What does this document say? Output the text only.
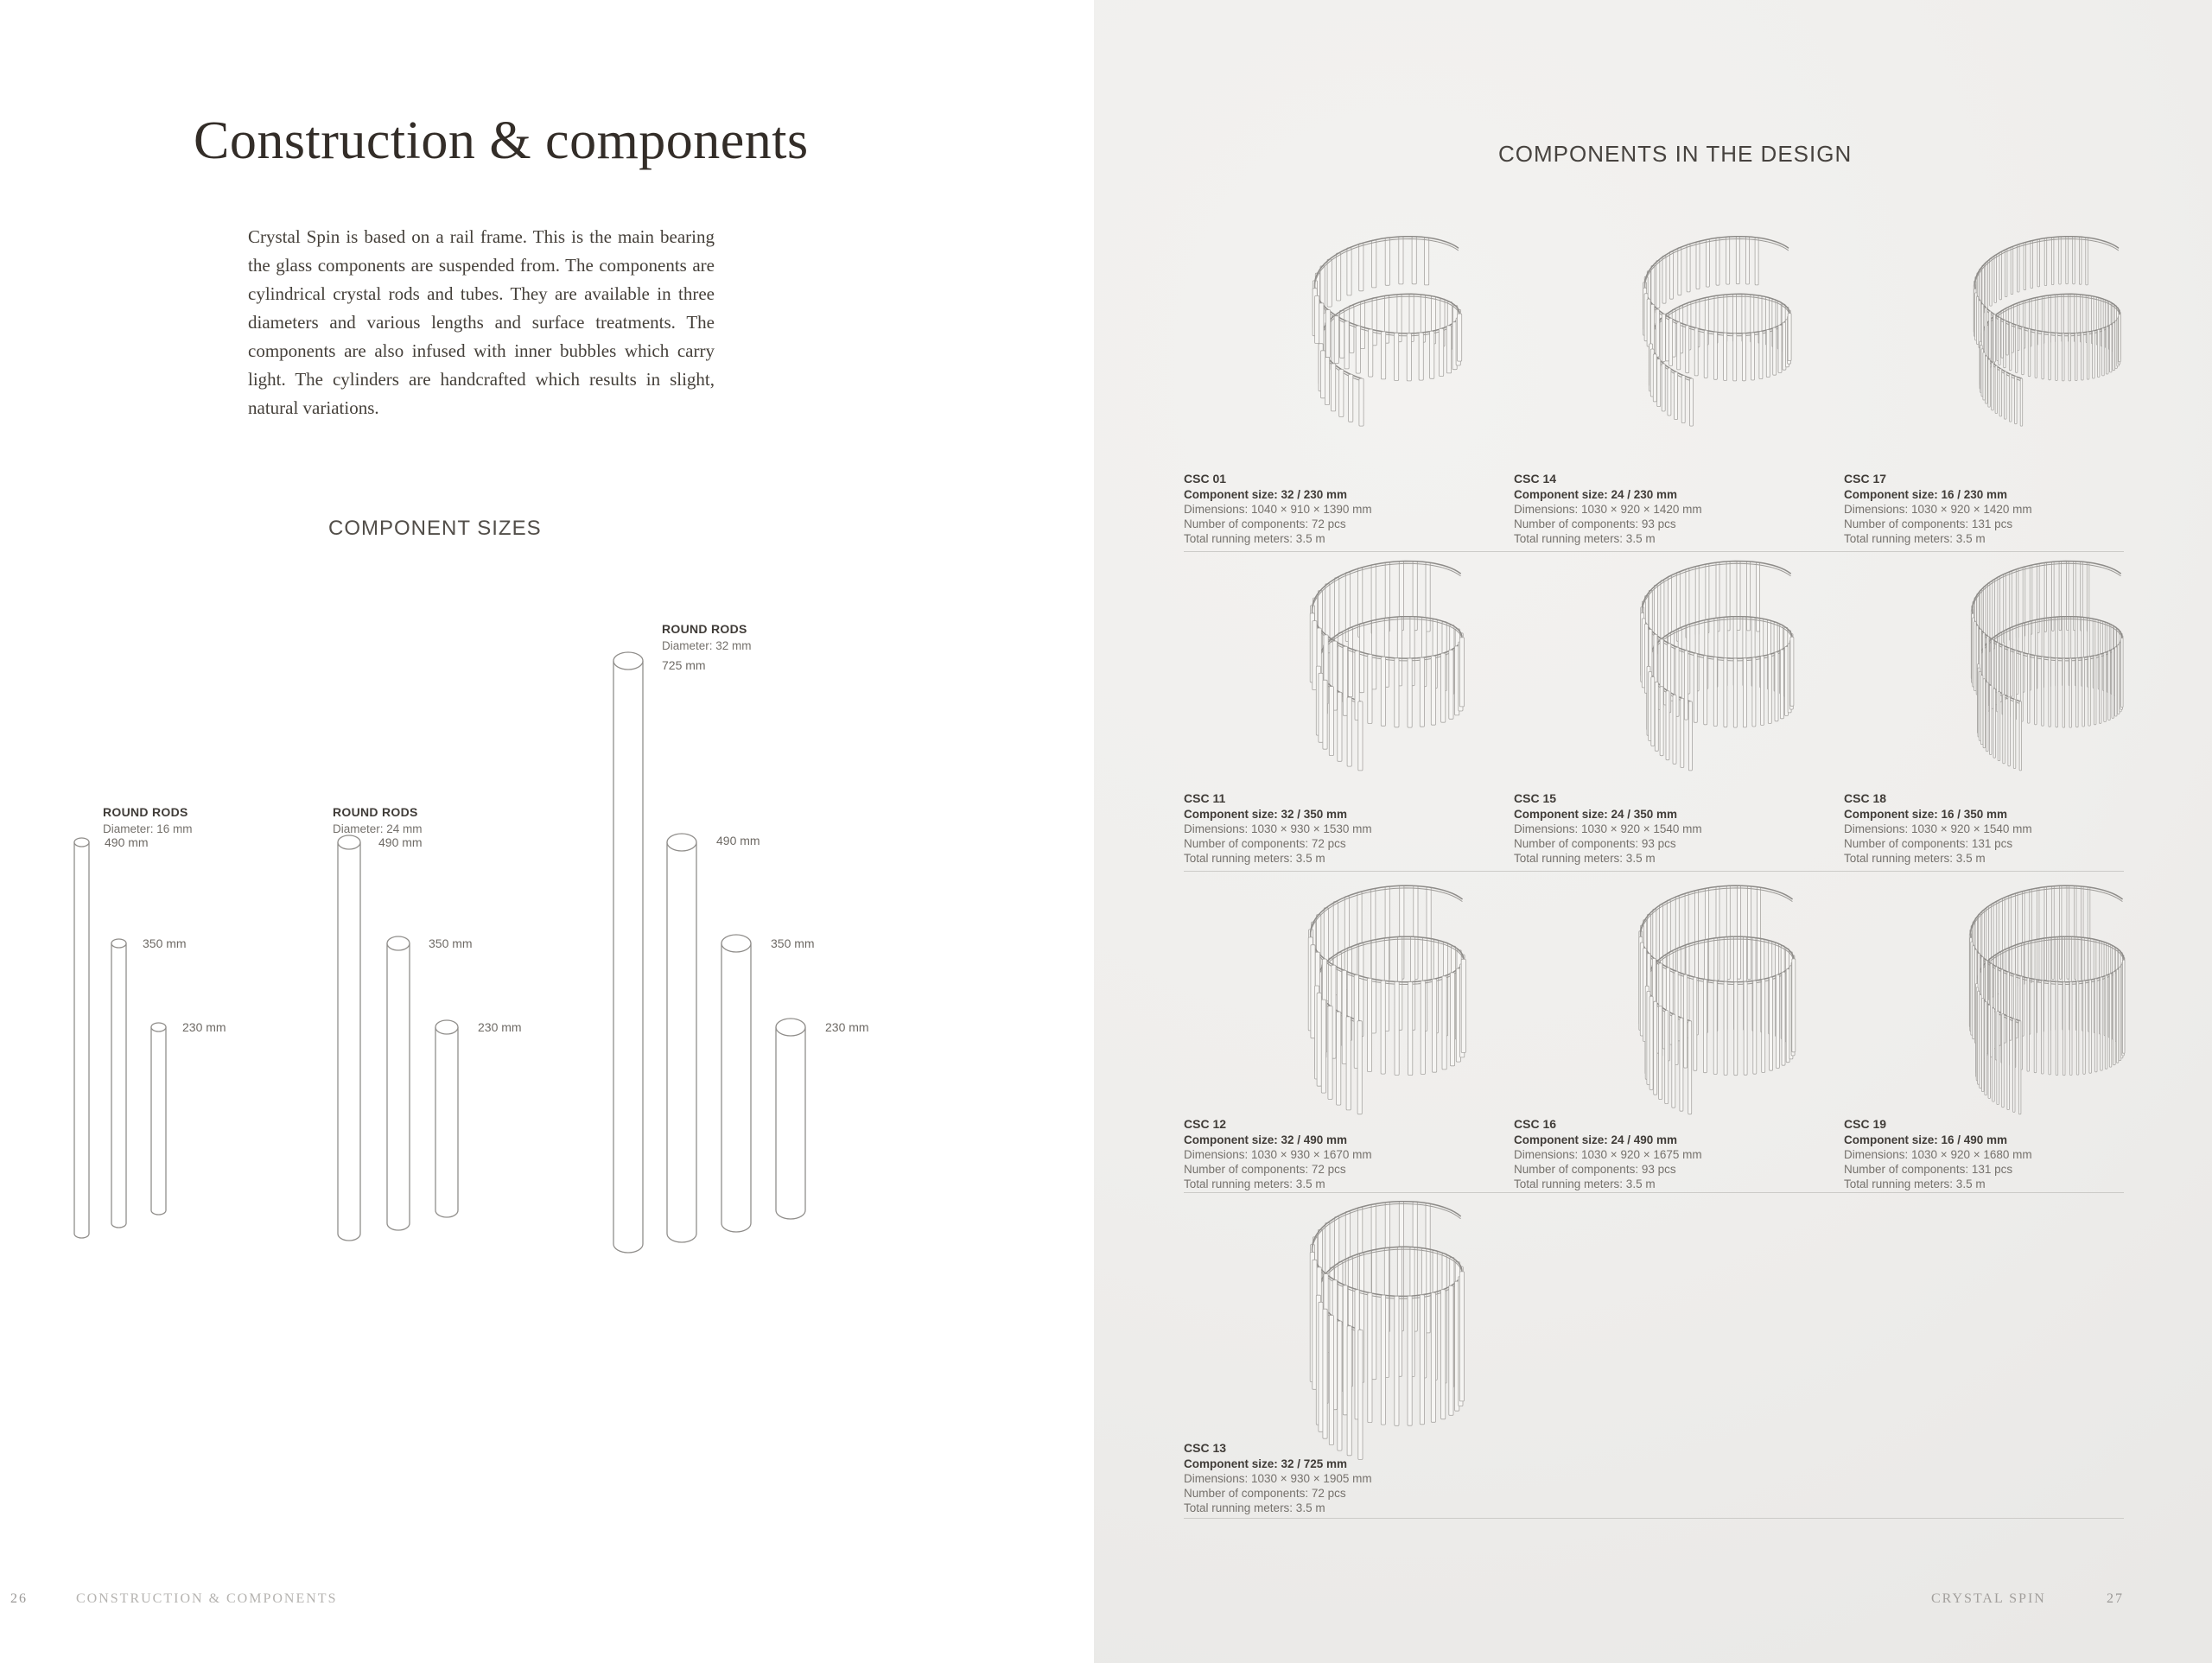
Construction & components
Crystal Spin is based on a rail frame. This is the main bearing the glass components are suspended from. The components are cylindrical crystal rods and tubes. They are available in three diameters and various lengths and surface treatments. The components are also infused with inner bubbles which carry light. The cylinders are handcrafted which results in slight, natural variations.
COMPONENT SIZES
ROUND RODS
Diameter: 16 mm
490 mm
350 mm
230 mm
ROUND RODS
Diameter: 24 mm
490 mm
350 mm
230 mm
ROUND RODS
Diameter: 32 mm
725 mm
490 mm
350 mm
230 mm
26	CONSTRUCTION & COMPONENTS
COMPONENTS IN THE DESIGN
CSC 01
Component size: 32 / 230 mm
Dimensions: 1040 × 910 × 1390 mm
Number of components: 72 pcs
Total running meters: 3.5 m
CSC 14
Component size: 24 / 230 mm
Dimensions: 1030 × 920 × 1420 mm
Number of components: 93 pcs
Total running meters: 3.5 m
CSC 17
Component size: 16 / 230 mm
Dimensions: 1030 × 920 × 1420 mm
Number of components: 131 pcs
Total running meters: 3.5 m
CSC 11
Component size: 32 / 350 mm
Dimensions: 1030 × 930 × 1530 mm
Number of components: 72 pcs
Total running meters: 3.5 m
CSC 15
Component size: 24 / 350 mm
Dimensions: 1030 × 920 × 1540 mm
Number of components: 93 pcs
Total running meters: 3.5 m
CSC 18
Component size: 16 / 350 mm
Dimensions: 1030 × 920 × 1540 mm
Number of components: 131 pcs
Total running meters: 3.5 m
CSC 12
Component size: 32 / 490 mm
Dimensions: 1030 × 930 × 1670 mm
Number of components: 72 pcs
Total running meters: 3.5 m
CSC 16
Component size: 24 / 490 mm
Dimensions: 1030 × 920 × 1675 mm
Number of components: 93 pcs
Total running meters: 3.5 m
CSC 19
Component size: 16 / 490 mm
Dimensions: 1030 × 920 × 1680 mm
Number of components: 131 pcs
Total running meters: 3.5 m
CSC 13
Component size: 32 / 725 mm
Dimensions: 1030 × 930 × 1905 mm
Number of components: 72 pcs
Total running meters: 3.5 m
CRYSTAL SPIN	27
